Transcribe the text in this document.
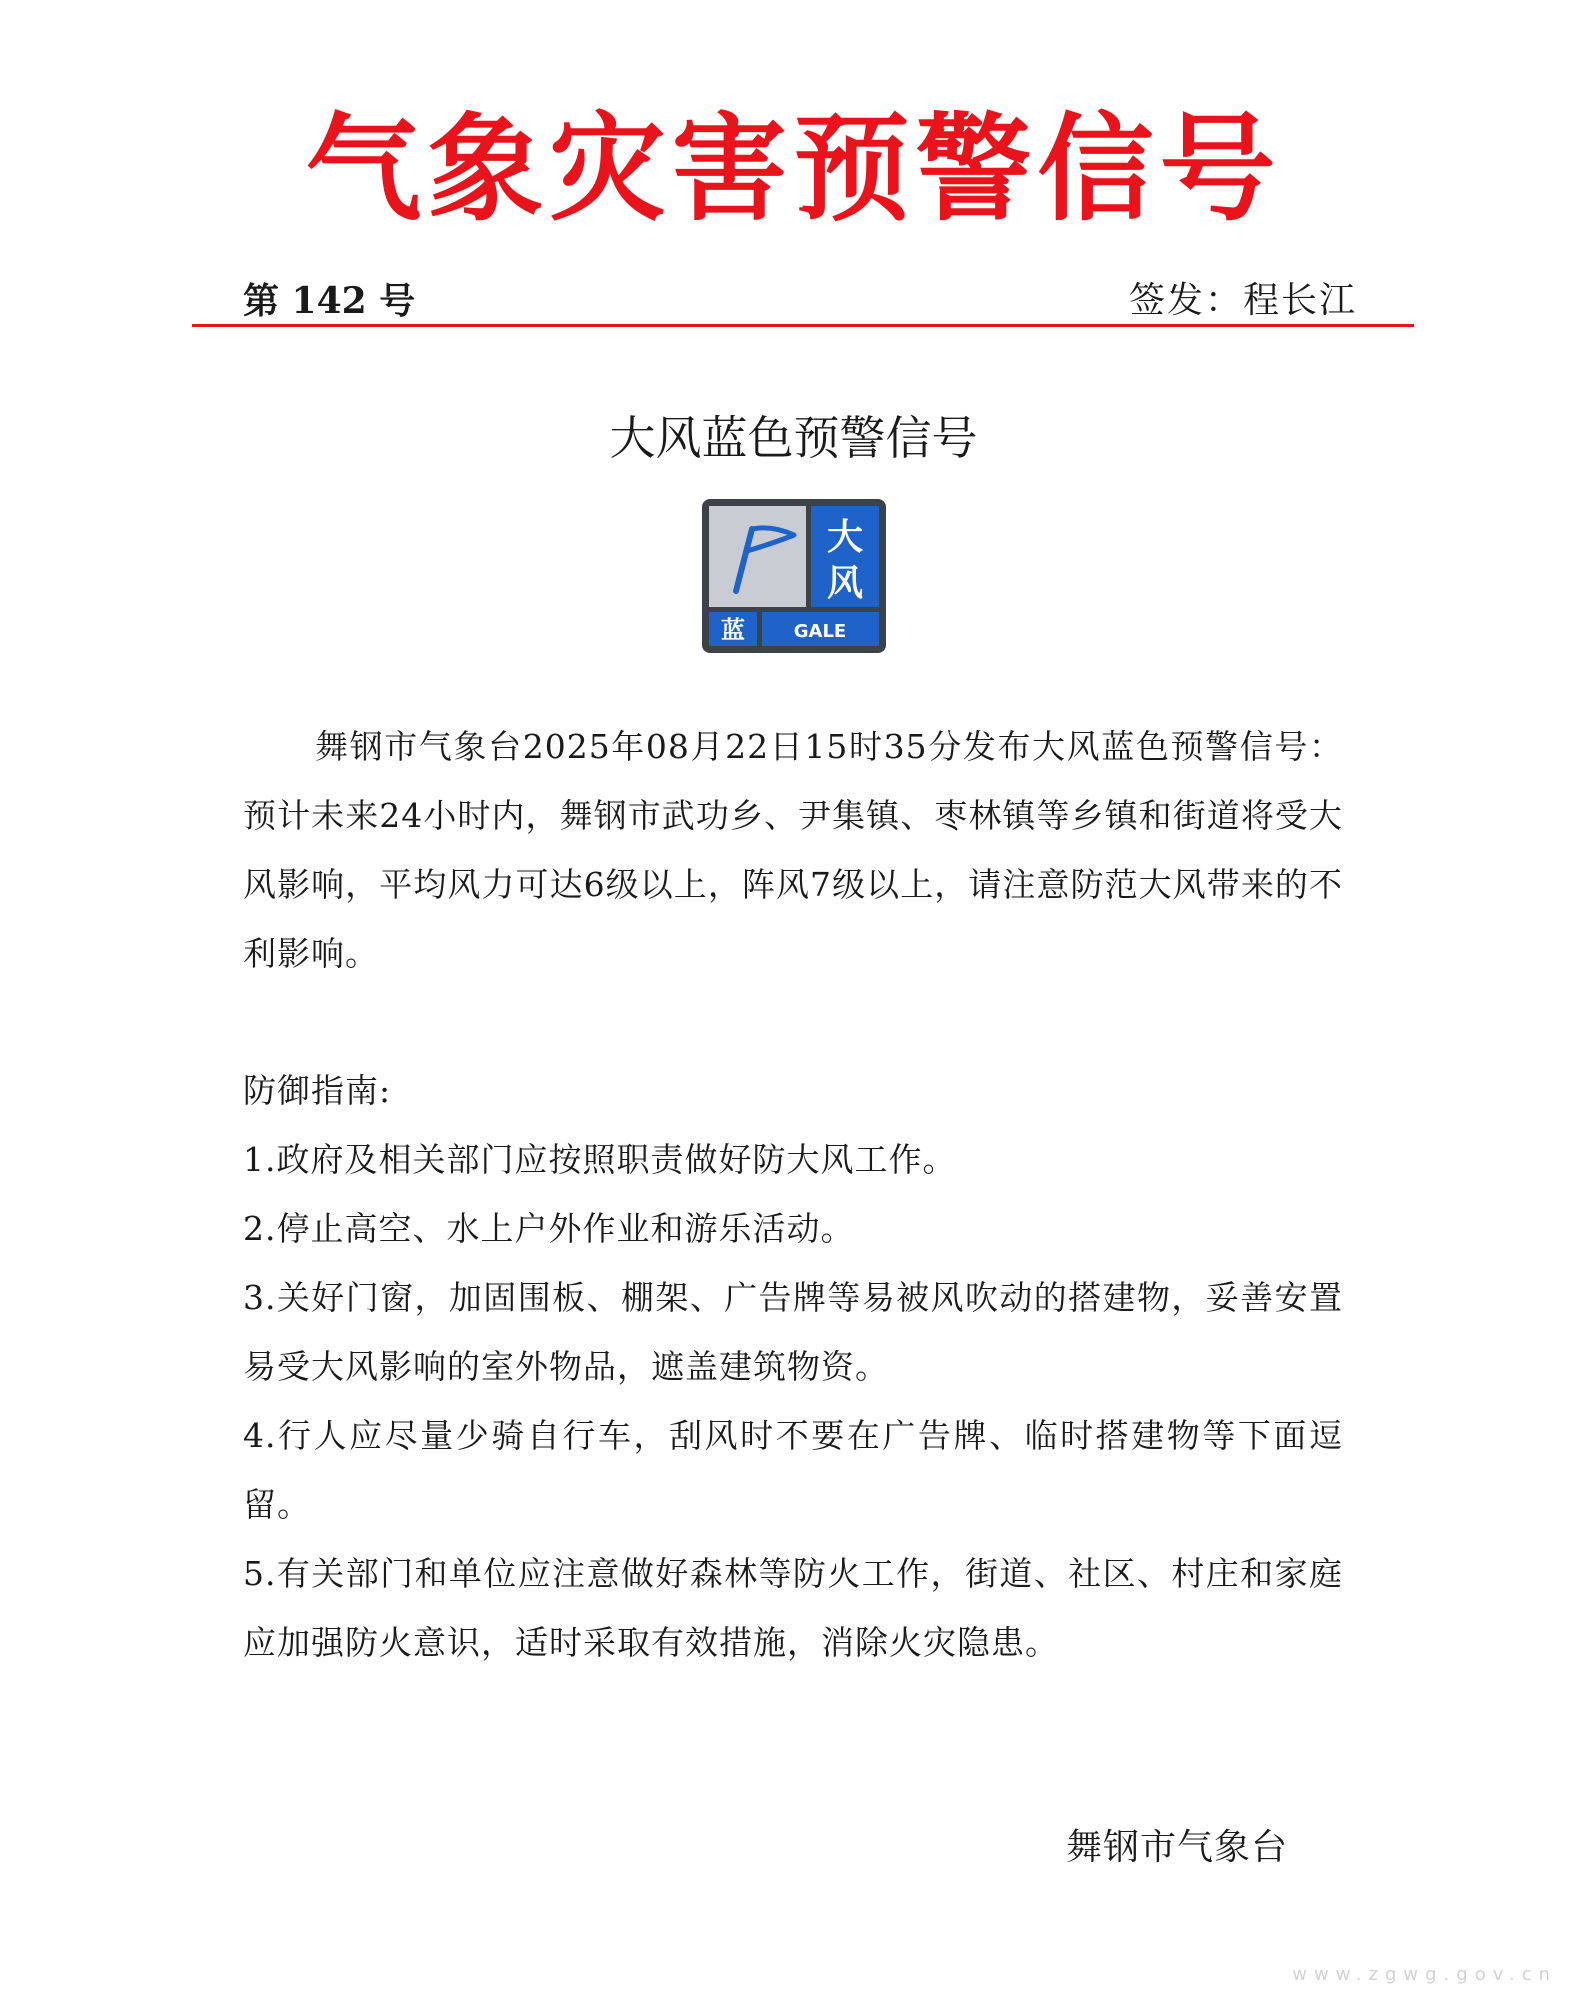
气象灾害预警信号
第 142 号	签发：程长江
大风蓝色预警信号
大
风
蓝	GALE
舞钢市气象台2025年08月22日15时35分发布大风蓝色预警信号：预计未来24小时内，舞钢市武功乡、尹集镇、枣林镇等乡镇和街道将受大风影响，平均风力可达6级以上，阵风7级以上，请注意防范大风带来的不利影响。

防御指南:

1.政府及相关部门应按照职责做好防大风工作。

2.停止高空、水上户外作业和游乐活动。

3.关好门窗，加固围板、棚架、广告牌等易被风吹动的搭建物，妥善安置易受大风影响的室外物品，遮盖建筑物资。

4.行人应尽量少骑自行车，刮风时不要在广告牌、临时搭建物等下面逗留。

5.有关部门和单位应注意做好森林等防火工作，街道、社区、村庄和家庭应加强防火意识，适时采取有效措施，消除火灾隐患。

舞钢市气象台
www.zgwg.gov.cn
